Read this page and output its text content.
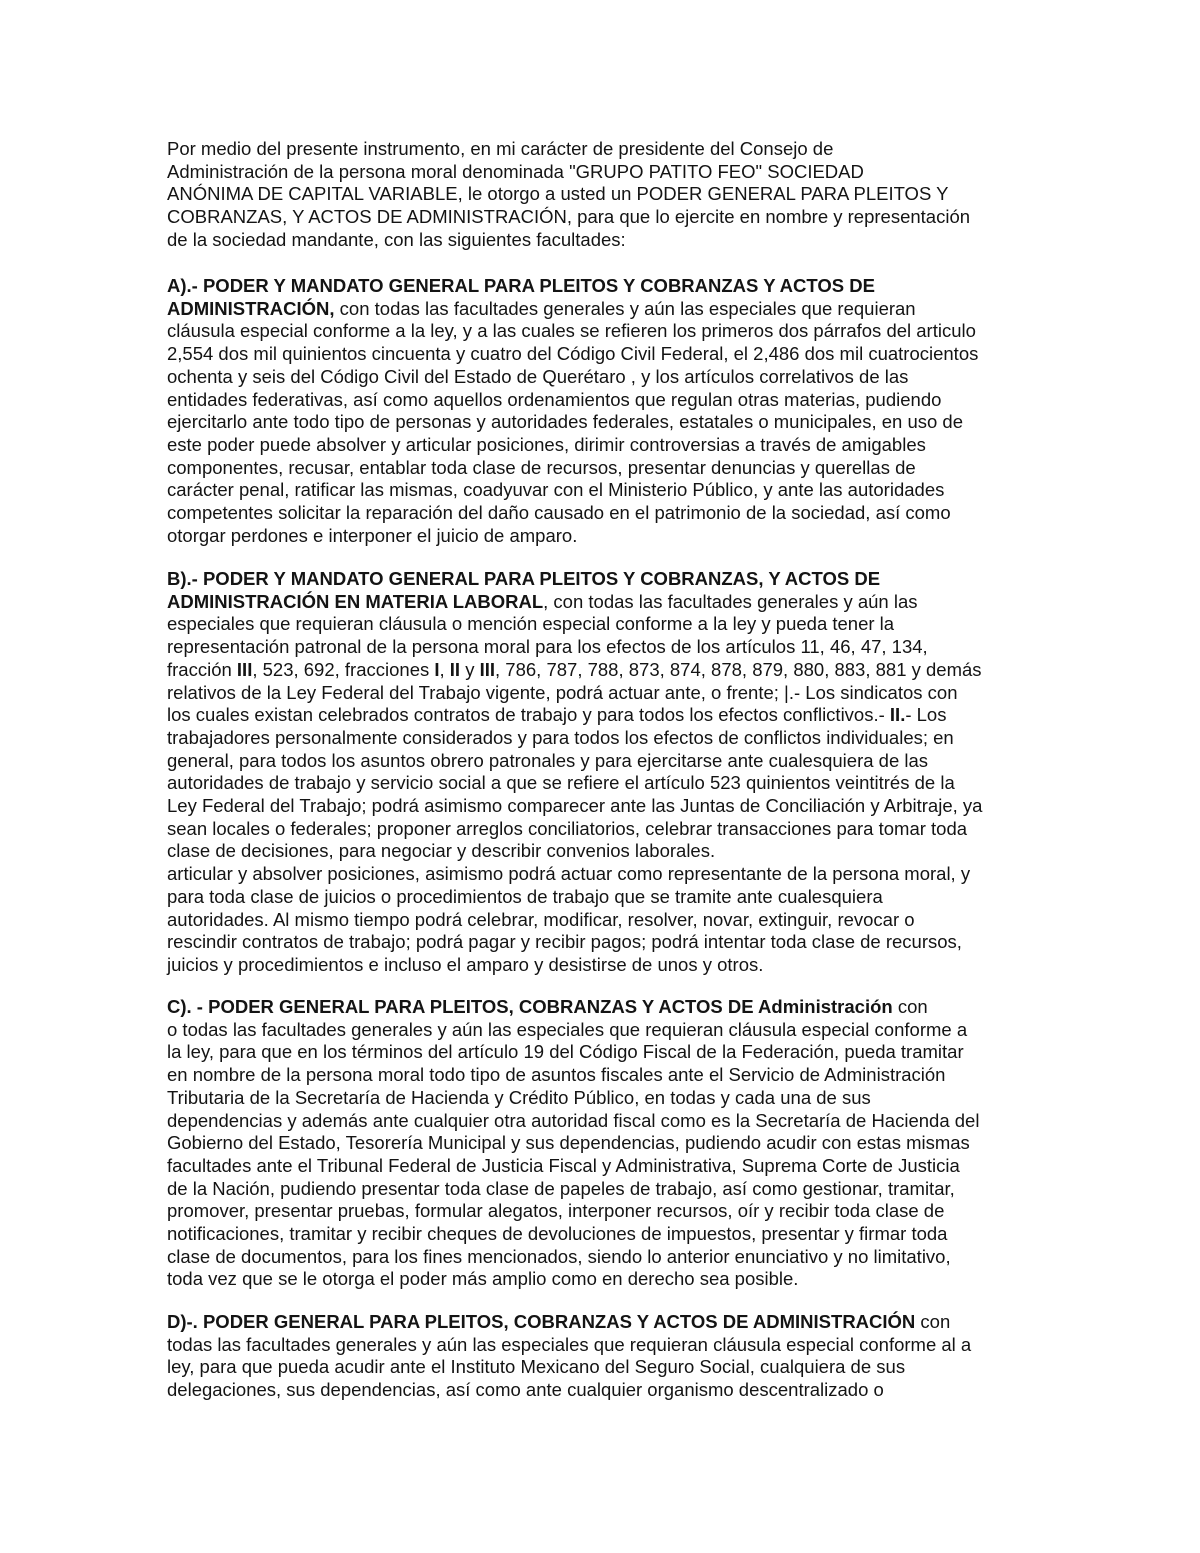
Por medio del presente instrumento, en mi carácter de presidente del Consejo de
Administración de la persona moral denominada "GRUPO PATITO FEO" SOCIEDAD
ANÓNIMA DE CAPITAL VARIABLE, le otorgo a usted un PODER GENERAL PARA PLEITOS Y
COBRANZAS, Y ACTOS DE ADMINISTRACIÓN, para que lo ejercite en nombre y representación
de la sociedad mandante, con las siguientes facultades:
A).- PODER Y MANDATO GENERAL PARA PLEITOS Y COBRANZAS Y ACTOS DE
ADMINISTRACIÓN, con todas las facultades generales y aún las especiales que requieran
cláusula especial conforme a la ley, y a las cuales se refieren los primeros dos párrafos del articulo
2,554 dos mil quinientos cincuenta y cuatro del Código Civil Federal, el 2,486 dos mil cuatrocientos
ochenta y seis del Código Civil del Estado de Querétaro , y los artículos correlativos de las
entidades federativas, así como aquellos ordenamientos que regulan otras materias, pudiendo
ejercitarlo ante todo tipo de personas y autoridades federales, estatales o municipales, en uso de
este poder puede absolver y articular posiciones, dirimir controversias a través de amigables
componentes, recusar, entablar toda clase de recursos, presentar denuncias y querellas de
carácter penal, ratificar las mismas, coadyuvar con el Ministerio Público, y ante las autoridades
competentes solicitar la reparación del daño causado en el patrimonio de la sociedad, así como
otorgar perdones e interponer el juicio de amparo.
B).- PODER Y MANDATO GENERAL PARA PLEITOS Y COBRANZAS, Y ACTOS DE
ADMINISTRACIÓN EN MATERIA LABORAL, con todas las facultades generales y aún las
especiales que requieran cláusula o mención especial conforme a la ley y pueda tener la
representación patronal de la persona moral para los efectos de los artículos 11, 46, 47, 134,
fracción III, 523, 692, fracciones I, II y III, 786, 787, 788, 873, 874, 878, 879, 880, 883, 881 y demás
relativos de la Ley Federal del Trabajo vigente, podrá actuar ante, o frente; |.- Los sindicatos con
los cuales existan celebrados contratos de trabajo y para todos los efectos conflictivos.- II.- Los
trabajadores personalmente considerados y para todos los efectos de conflictos individuales; en
general, para todos los asuntos obrero patronales y para ejercitarse ante cualesquiera de las
autoridades de trabajo y servicio social a que se refiere el artículo 523 quinientos veintitrés de la
Ley Federal del Trabajo; podrá asimismo comparecer ante las Juntas de Conciliación y Arbitraje, ya
sean locales o federales; proponer arreglos conciliatorios, celebrar transacciones para tomar toda
clase de decisiones, para negociar y describir convenios laborales.
articular y absolver posiciones, asimismo podrá actuar como representante de la persona moral, y
para toda clase de juicios o procedimientos de trabajo que se tramite ante cualesquiera
autoridades. Al mismo tiempo podrá celebrar, modificar, resolver, novar, extinguir, revocar o
rescindir contratos de trabajo; podrá pagar y recibir pagos; podrá intentar toda clase de recursos,
juicios y procedimientos e incluso el amparo y desistirse de unos y otros.
C). - PODER GENERAL PARA PLEITOS, COBRANZAS Y ACTOS DE Administración con
o todas las facultades generales y aún las especiales que requieran cláusula especial conforme a
la ley, para que en los términos del artículo 19 del Código Fiscal de la Federación, pueda tramitar
en nombre de la persona moral todo tipo de asuntos fiscales ante el Servicio de Administración
Tributaria de la Secretaría de Hacienda y Crédito Público, en todas y cada una de sus
dependencias y además ante cualquier otra autoridad fiscal como es la Secretaría de Hacienda del
Gobierno del Estado, Tesorería Municipal y sus dependencias, pudiendo acudir con estas mismas
facultades ante el Tribunal Federal de Justicia Fiscal y Administrativa, Suprema Corte de Justicia
de la Nación, pudiendo presentar toda clase de papeles de trabajo, así como gestionar, tramitar,
promover, presentar pruebas, formular alegatos, interponer recursos, oír y recibir toda clase de
notificaciones, tramitar y recibir cheques de devoluciones de impuestos, presentar y firmar toda
clase de documentos, para los fines mencionados, siendo lo anterior enunciativo y no limitativo,
toda vez que se le otorga el poder más amplio como en derecho sea posible.
D)-. PODER GENERAL PARA PLEITOS, COBRANZAS Y ACTOS DE ADMINISTRACIÓN con
todas las facultades generales y aún las especiales que requieran cláusula especial conforme al a
ley, para que pueda acudir ante el Instituto Mexicano del Seguro Social, cualquiera de sus
delegaciones, sus dependencias, así como ante cualquier organismo descentralizado o
